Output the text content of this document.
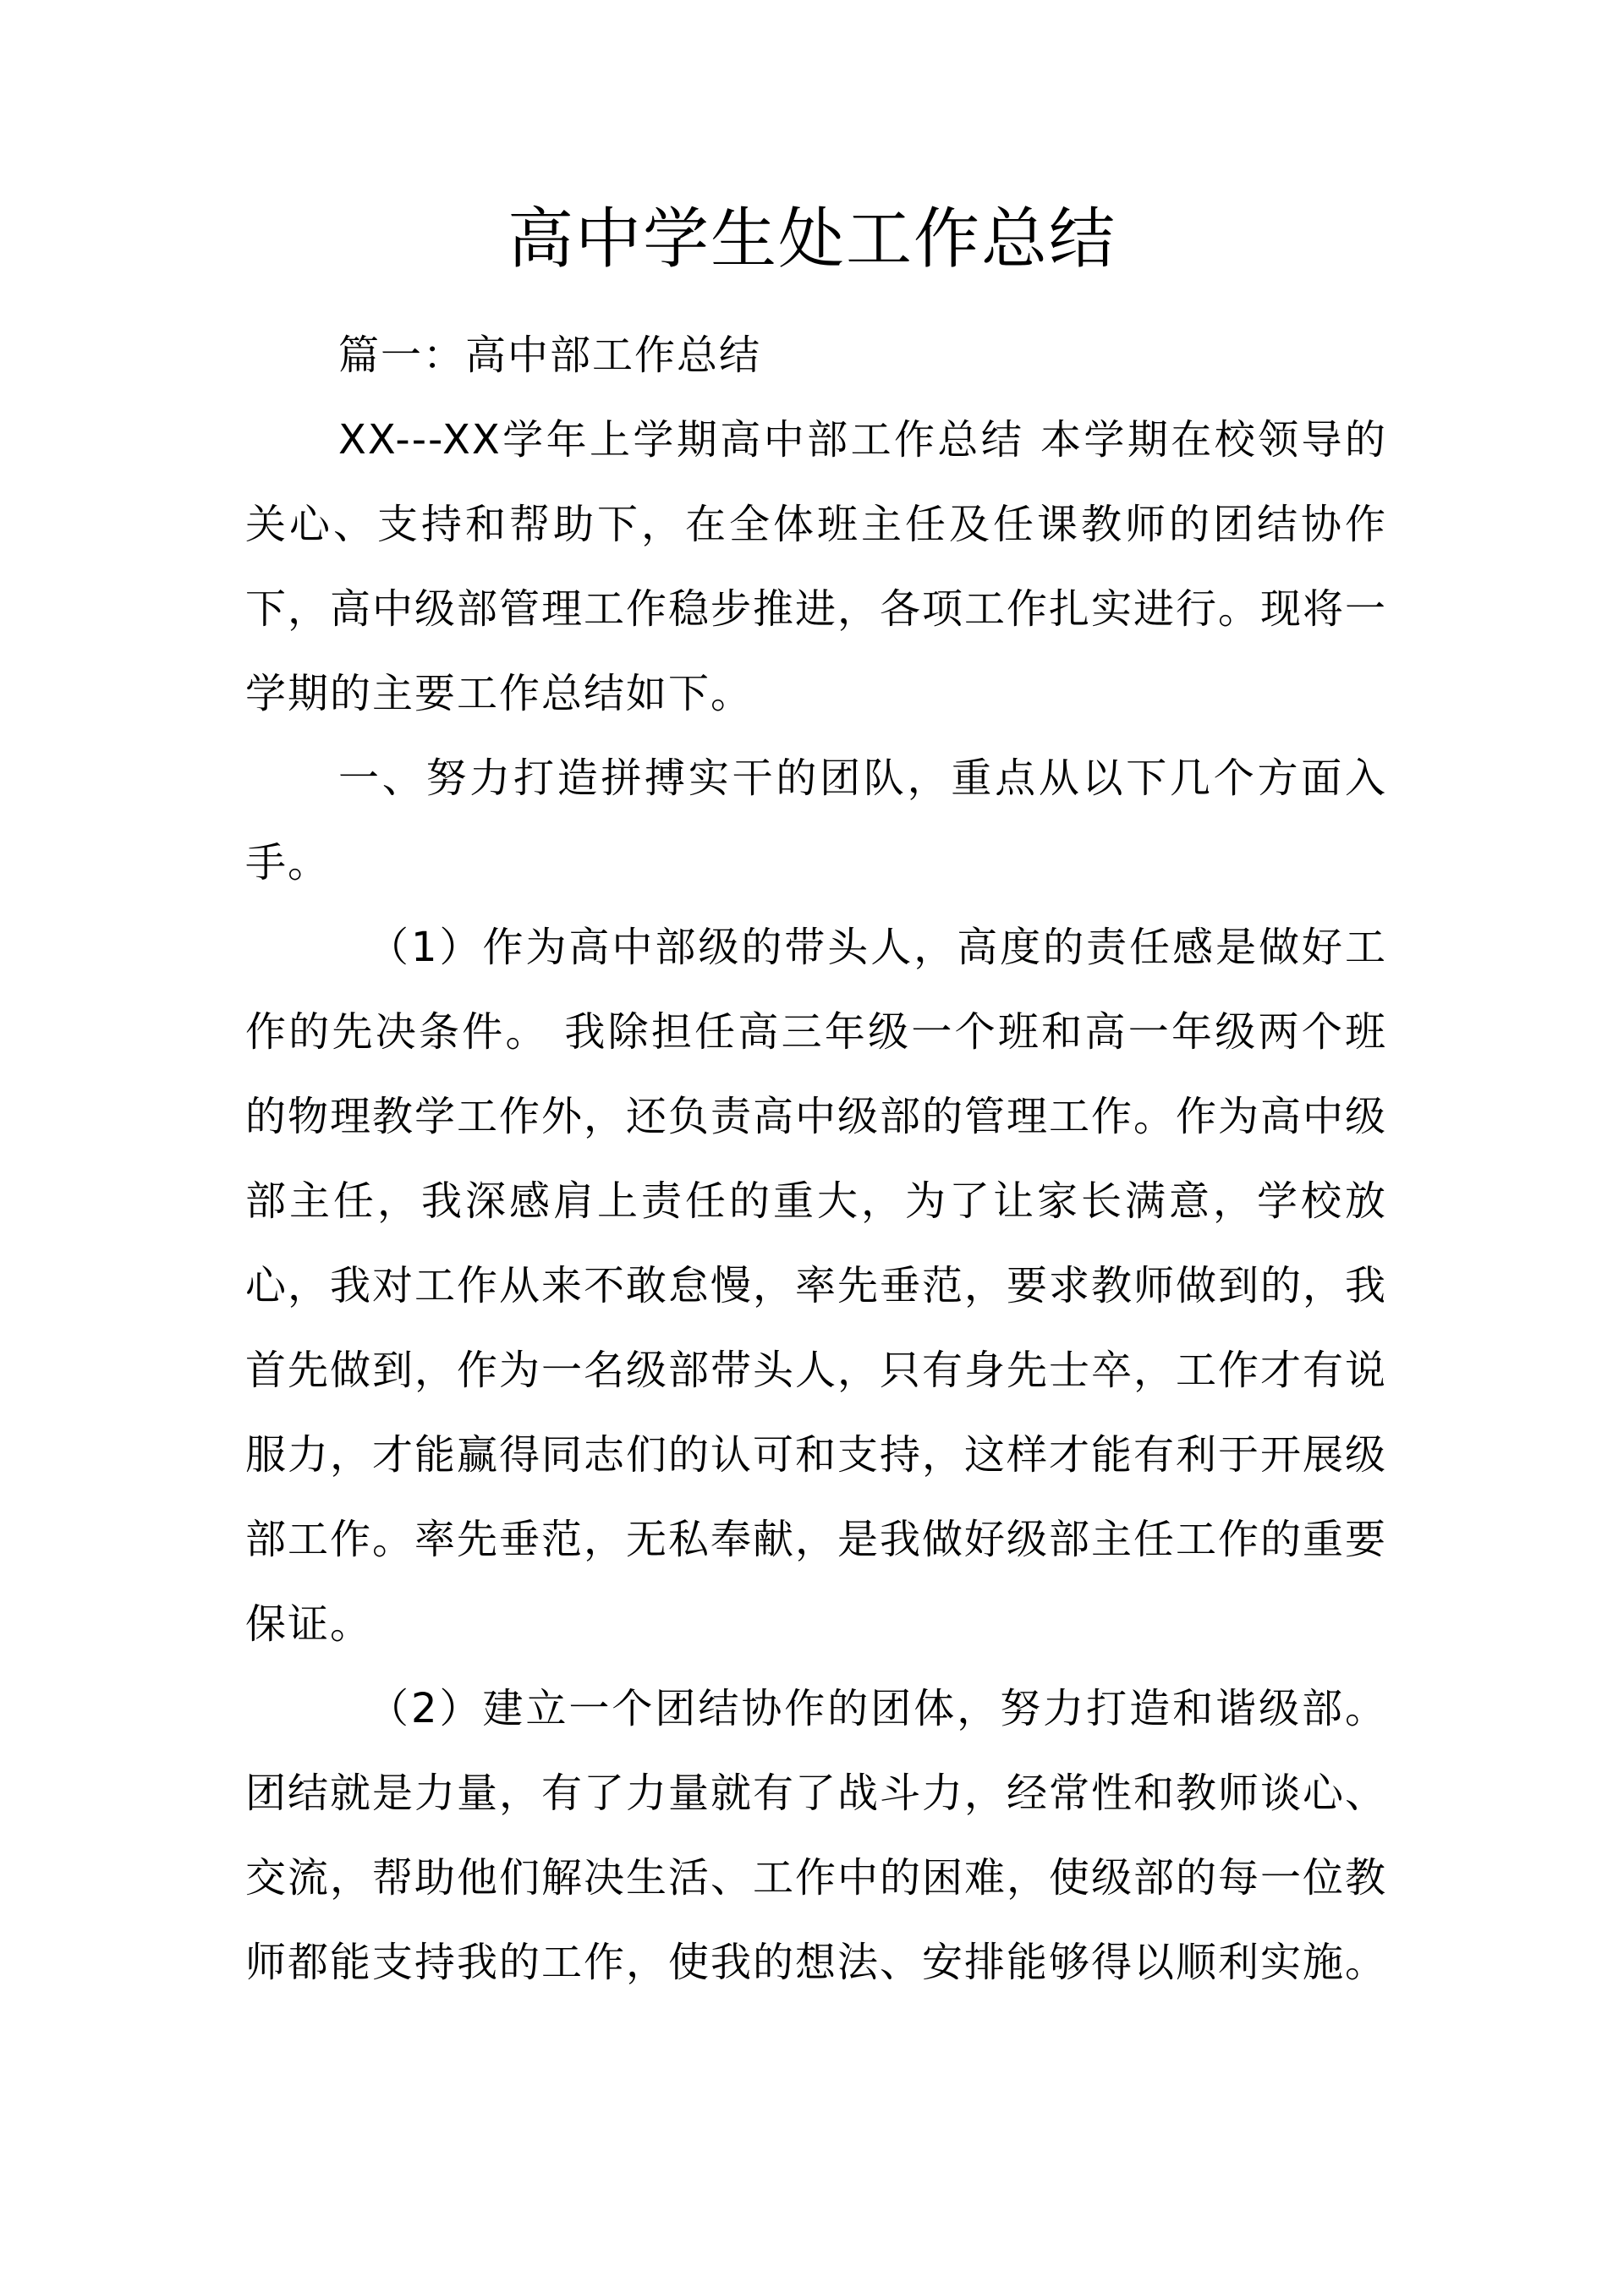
高中学生处工作总结

篇一：高中部工作总结

XX---XX学年上学期高中部工作总结 本学期在校领导的关心、支持和帮助下，在全体班主任及任课教师的团结协作下，高中级部管理工作稳步推进，各项工作扎实进行。现将一学期的主要工作总结如下。

一、努力打造拼搏实干的团队，重点从以下几个方面入手。

（1）作为高中部级的带头人，高度的责任感是做好工作的先决条件。 我除担任高三年级一个班和高一年级两个班的物理教学工作外，还负责高中级部的管理工作。作为高中级部主任，我深感肩上责任的重大，为了让家长满意，学校放心，我对工作从来不敢怠慢，率先垂范，要求教师做到的，我首先做到，作为一名级部带头人，只有身先士卒，工作才有说服力，才能赢得同志们的认可和支持，这样才能有利于开展级部工作。率先垂范，无私奉献，是我做好级部主任工作的重要保证。

（2）建立一个团结协作的团体，努力打造和谐级部。团结就是力量，有了力量就有了战斗力，经常性和教师谈心、交流，帮助他们解决生活、工作中的困难，使级部的每一位教师都能支持我的工作，使我的想法、安排能够得以顺利实施。
